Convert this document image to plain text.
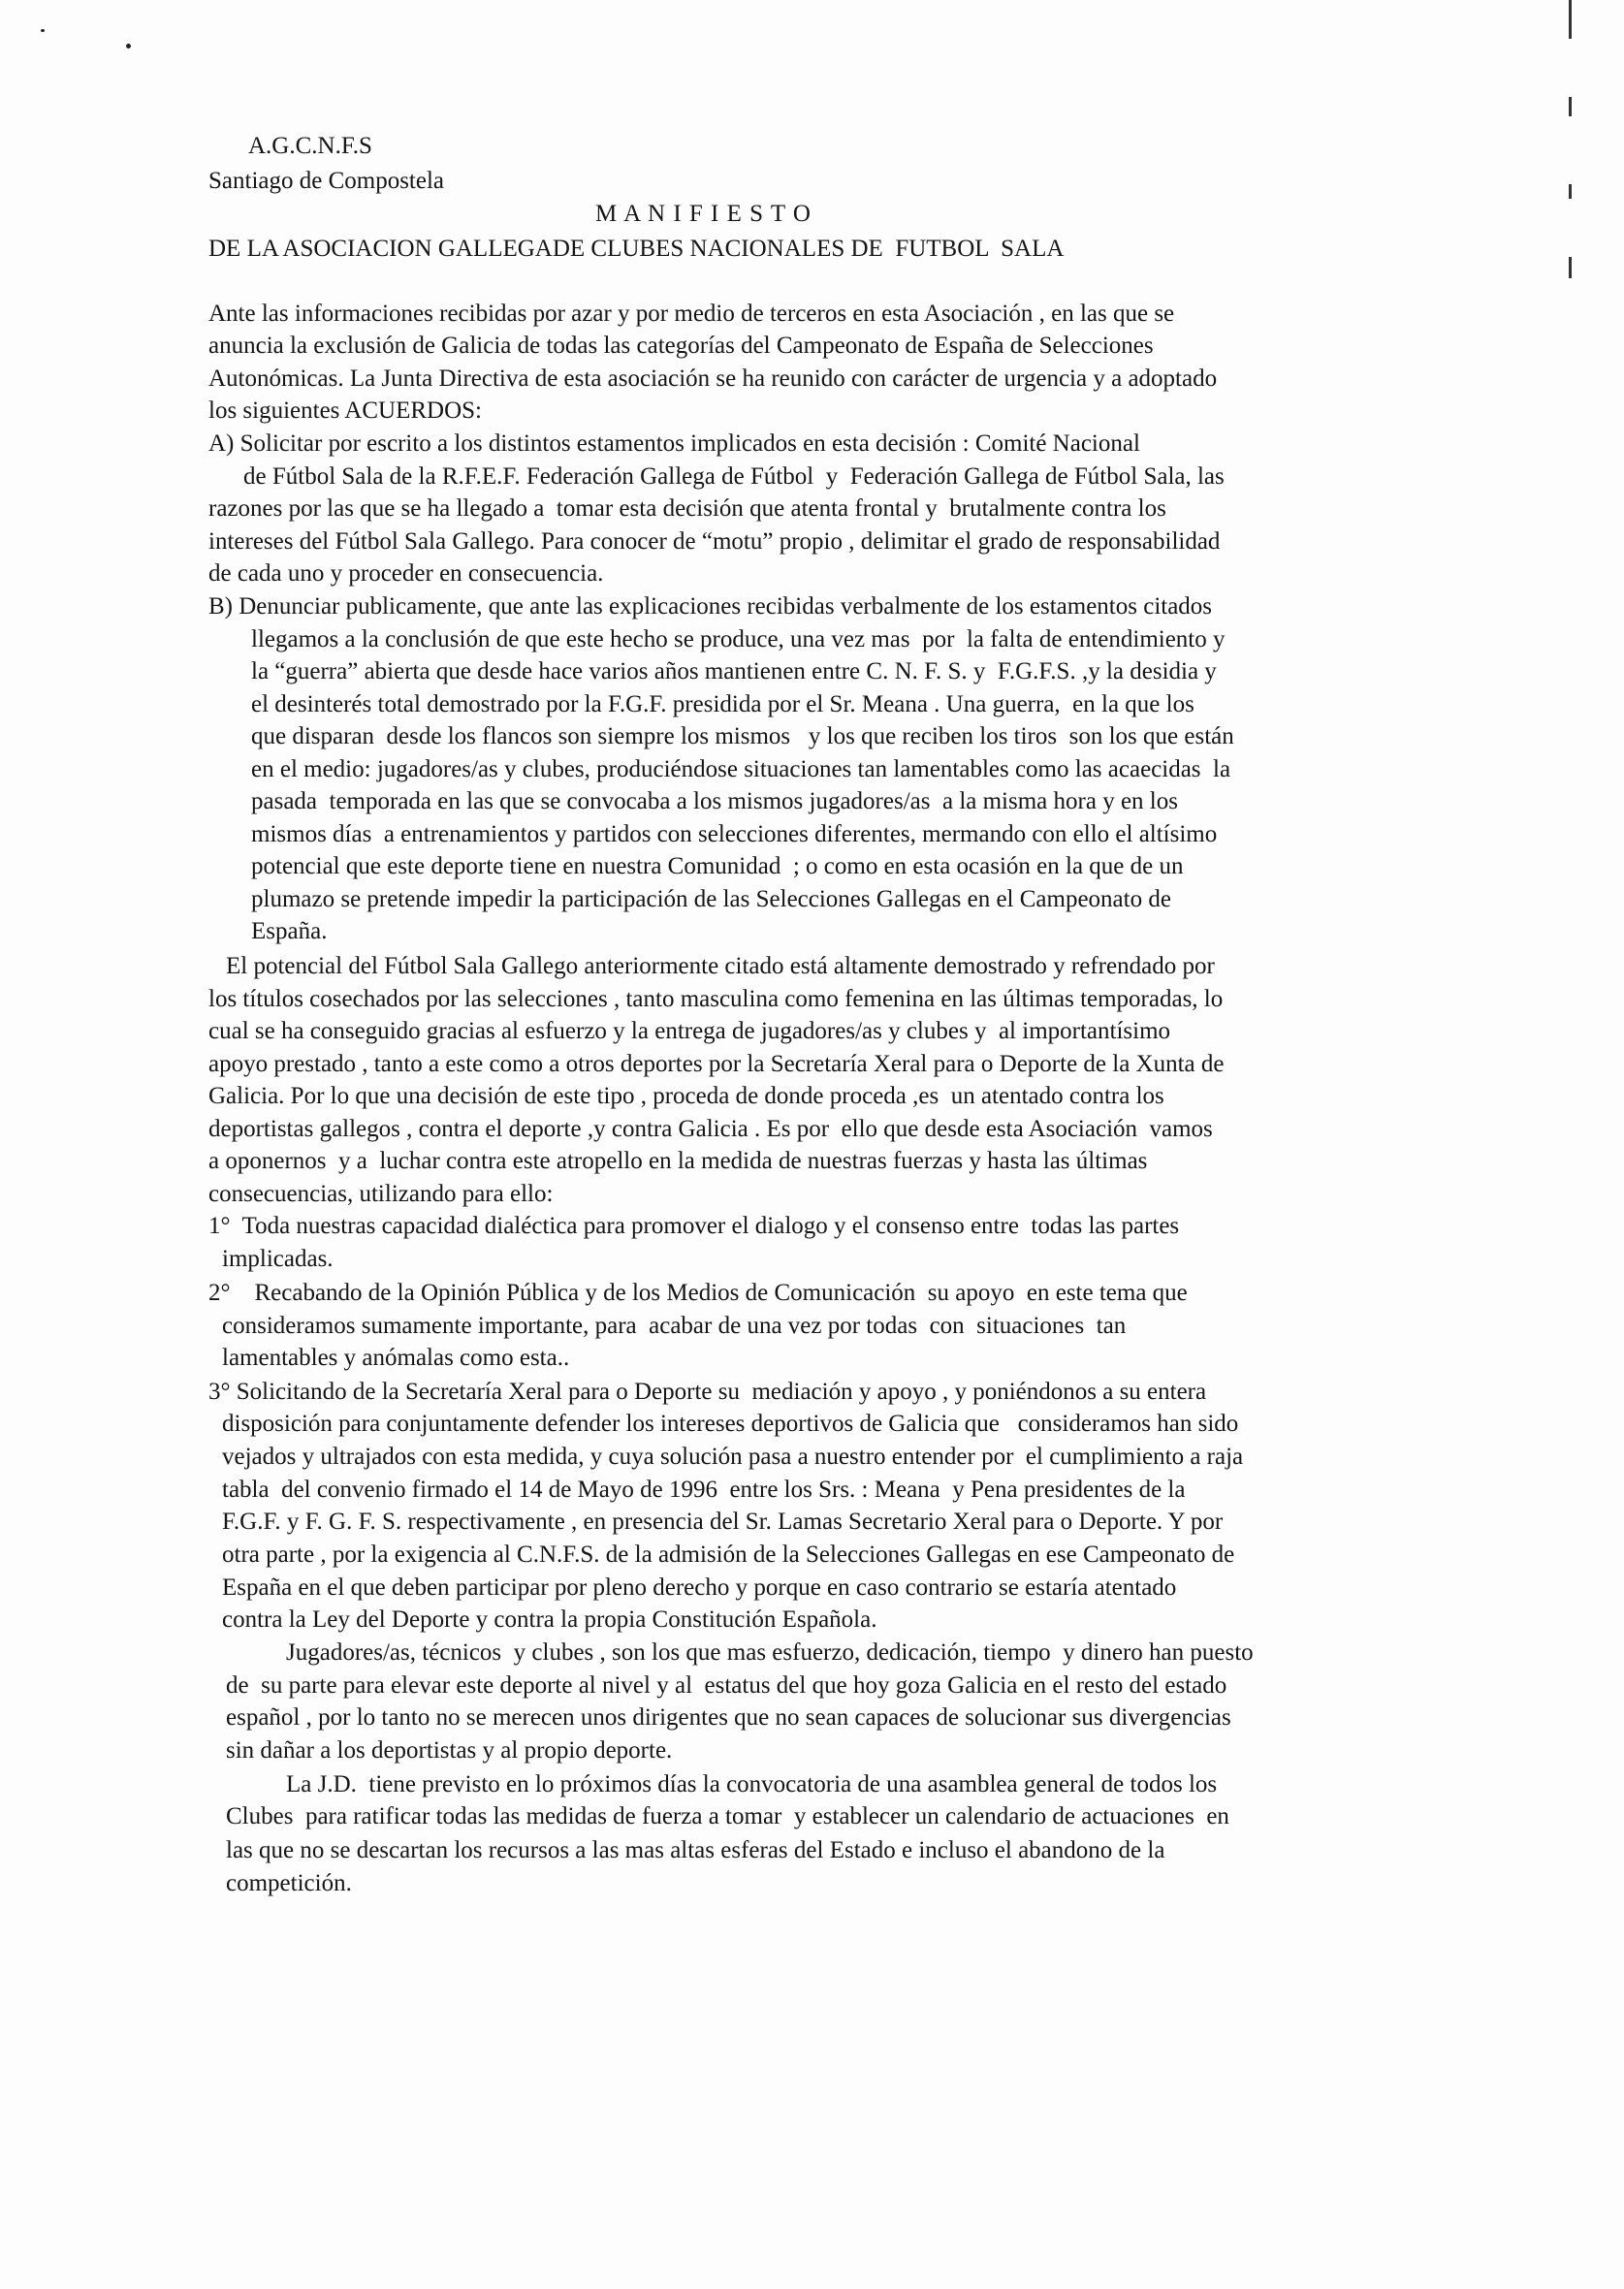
A.G.C.N.F.S
Santiago de Compostela
M A N I F I E S T O
DE LA ASOCIACION GALLEGADE CLUBES NACIONALES DE  FUTBOL  SALA
Ante las informaciones recibidas por azar y por medio de terceros en esta Asociación , en las que se
anuncia la exclusión de Galicia de todas las categorías del Campeonato de España de Selecciones
Autonómicas. La Junta Directiva de esta asociación se ha reunido con carácter de urgencia y a adoptado
los siguientes ACUERDOS:
A) Solicitar por escrito a los distintos estamentos implicados en esta decisión : Comité Nacional
de Fútbol Sala de la R.F.E.F. Federación Gallega de Fútbol  y  Federación Gallega de Fútbol Sala, las
razones por las que se ha llegado a  tomar esta decisión que atenta frontal y  brutalmente contra los
intereses del Fútbol Sala Gallego. Para conocer de “motu” propio , delimitar el grado de responsabilidad
de cada uno y proceder en consecuencia.
B) Denunciar publicamente, que ante las explicaciones recibidas verbalmente de los estamentos citados
llegamos a la conclusión de que este hecho se produce, una vez mas  por  la falta de entendimiento y
la “guerra” abierta que desde hace varios años mantienen entre C. N. F. S. y  F.G.F.S. ,y la desidia y
el desinterés total demostrado por la F.G.F. presidida por el Sr. Meana . Una guerra,  en la que los
que disparan  desde los flancos son siempre los mismos   y los que reciben los tiros  son los que están
en el medio: jugadores/as y clubes, produciéndose situaciones tan lamentables como las acaecidas  la
pasada  temporada en las que se convocaba a los mismos jugadores/as  a la misma hora y en los
mismos días  a entrenamientos y partidos con selecciones diferentes, mermando con ello el altísimo
potencial que este deporte tiene en nuestra Comunidad  ; o como en esta ocasión en la que de un
plumazo se pretende impedir la participación de las Selecciones Gallegas en el Campeonato de
España.
El potencial del Fútbol Sala Gallego anteriormente citado está altamente demostrado y refrendado por
los títulos cosechados por las selecciones , tanto masculina como femenina en las últimas temporadas, lo
cual se ha conseguido gracias al esfuerzo y la entrega de jugadores/as y clubes y  al importantísimo
apoyo prestado , tanto a este como a otros deportes por la Secretaría Xeral para o Deporte de la Xunta de
Galicia. Por lo que una decisión de este tipo , proceda de donde proceda ,es  un atentado contra los
deportistas gallegos , contra el deporte ,y contra Galicia . Es por  ello que desde esta Asociación  vamos
a oponernos  y a  luchar contra este atropello en la medida de nuestras fuerzas y hasta las últimas
consecuencias, utilizando para ello:
1°  Toda nuestras capacidad dialéctica para promover el dialogo y el consenso entre  todas las partes
implicadas.
2°    Recabando de la Opinión Pública y de los Medios de Comunicación  su apoyo  en este tema que
consideramos sumamente importante, para  acabar de una vez por todas  con  situaciones  tan
lamentables y anómalas como esta..
3° Solicitando de la Secretaría Xeral para o Deporte su  mediación y apoyo , y poniéndonos a su entera
disposición para conjuntamente defender los intereses deportivos de Galicia que   consideramos han sido
vejados y ultrajados con esta medida, y cuya solución pasa a nuestro entender por  el cumplimiento a raja
tabla  del convenio firmado el 14 de Mayo de 1996  entre los Srs. : Meana  y Pena presidentes de la
F.G.F. y F. G. F. S. respectivamente , en presencia del Sr. Lamas Secretario Xeral para o Deporte. Y por
otra parte , por la exigencia al C.N.F.S. de la admisión de la Selecciones Gallegas en ese Campeonato de
España en el que deben participar por pleno derecho y porque en caso contrario se estaría atentado
contra la Ley del Deporte y contra la propia Constitución Española.
Jugadores/as, técnicos  y clubes , son los que mas esfuerzo, dedicación, tiempo  y dinero han puesto
de  su parte para elevar este deporte al nivel y al  estatus del que hoy goza Galicia en el resto del estado
español , por lo tanto no se merecen unos dirigentes que no sean capaces de solucionar sus divergencias
sin dañar a los deportistas y al propio deporte.
La J.D.  tiene previsto en lo próximos días la convocatoria de una asamblea general de todos los
Clubes  para ratificar todas las medidas de fuerza a tomar  y establecer un calendario de actuaciones  en
las que no se descartan los recursos a las mas altas esferas del Estado e incluso el abandono de la
competición.
